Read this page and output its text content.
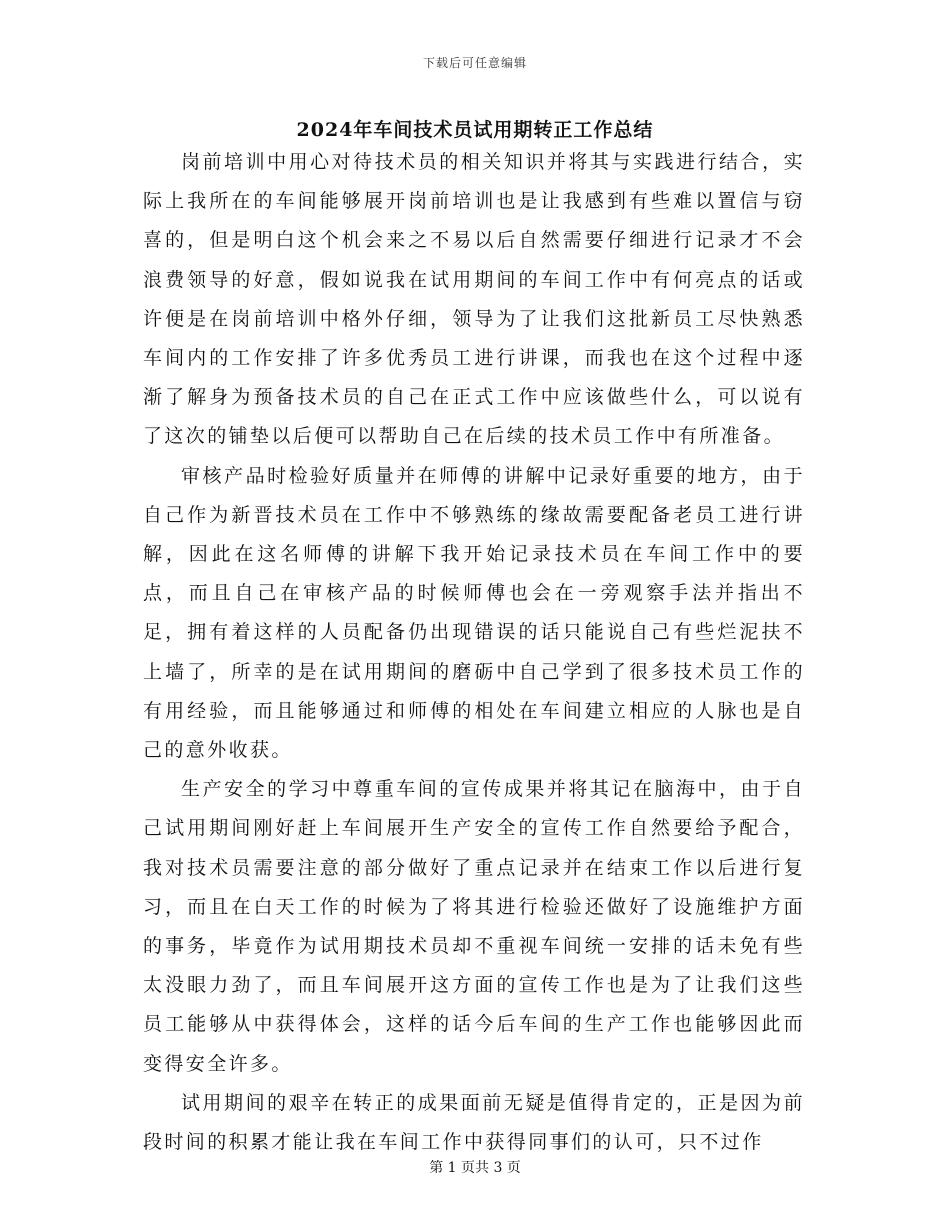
下载后可任意编辑
2024年车间技术员试用期转正工作总结

岗前培训中用心对待技术员的相关知识并将其与实践进行结合，实际上我所在的车间能够展开岗前培训也是让我感到有些难以置信与窃喜的，但是明白这个机会来之不易以后自然需要仔细进行记录才不会浪费领导的好意，假如说我在试用期间的车间工作中有何亮点的话或许便是在岗前培训中格外仔细，领导为了让我们这批新员工尽快熟悉车间内的工作安排了许多优秀员工进行讲课，而我也在这个过程中逐渐了解身为预备技术员的自己在正式工作中应该做些什么，可以说有了这次的铺垫以后便可以帮助自己在后续的技术员工作中有所准备。

审核产品时检验好质量并在师傅的讲解中记录好重要的地方，由于自己作为新晋技术员在工作中不够熟练的缘故需要配备老员工进行讲解，因此在这名师傅的讲解下我开始记录技术员在车间工作中的要点，而且自己在审核产品的时候师傅也会在一旁观察手法并指出不足，拥有着这样的人员配备仍出现错误的话只能说自己有些烂泥扶不上墙了，所幸的是在试用期间的磨砺中自己学到了很多技术员工作的有用经验，而且能够通过和师傅的相处在车间建立相应的人脉也是自己的意外收获。

生产安全的学习中尊重车间的宣传成果并将其记在脑海中，由于自己试用期间刚好赶上车间展开生产安全的宣传工作自然要给予配合，我对技术员需要注意的部分做好了重点记录并在结束工作以后进行复习，而且在白天工作的时候为了将其进行检验还做好了设施维护方面的事务，毕竟作为试用期技术员却不重视车间统一安排的话未免有些太没眼力劲了，而且车间展开这方面的宣传工作也是为了让我们这些员工能够从中获得体会，这样的话今后车间的生产工作也能够因此而变得安全许多。

试用期间的艰辛在转正的成果面前无疑是值得肯定的，正是因为前段时间的积累才能让我在车间工作中获得同事们的认可，只不过作

第 1 页共 3 页
